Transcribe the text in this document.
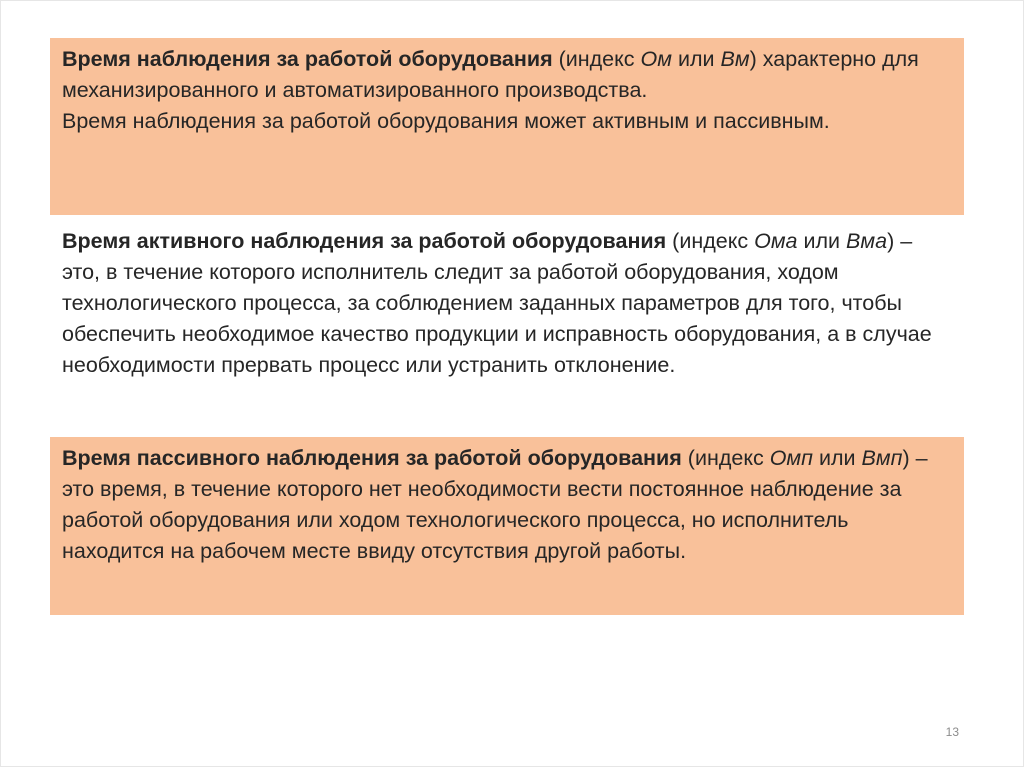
Время наблюдения за работой оборудования (индекс Ом или Вм) характерно для механизированного и автоматизированного производства.

Время наблюдения за работой оборудования может активным и пассивным.

Время активного наблюдения за работой оборудования (индекс Ома или Вма) – это, в течение которого исполнитель следит за работой оборудования, ходом технологического процесса, за соблюдением заданных параметров для того, чтобы обеспечить необходимое качество продукции и исправность оборудования, а в случае необходимости прервать процесс или устранить отклонение.

Время пассивного наблюдения за работой оборудования (индекс Омп или Вмп) – это время, в течение которого нет необходимости вести постоянное наблюдение за работой оборудования или ходом технологического процесса, но исполнитель находится на рабочем месте ввиду отсутствия другой работы.

13
